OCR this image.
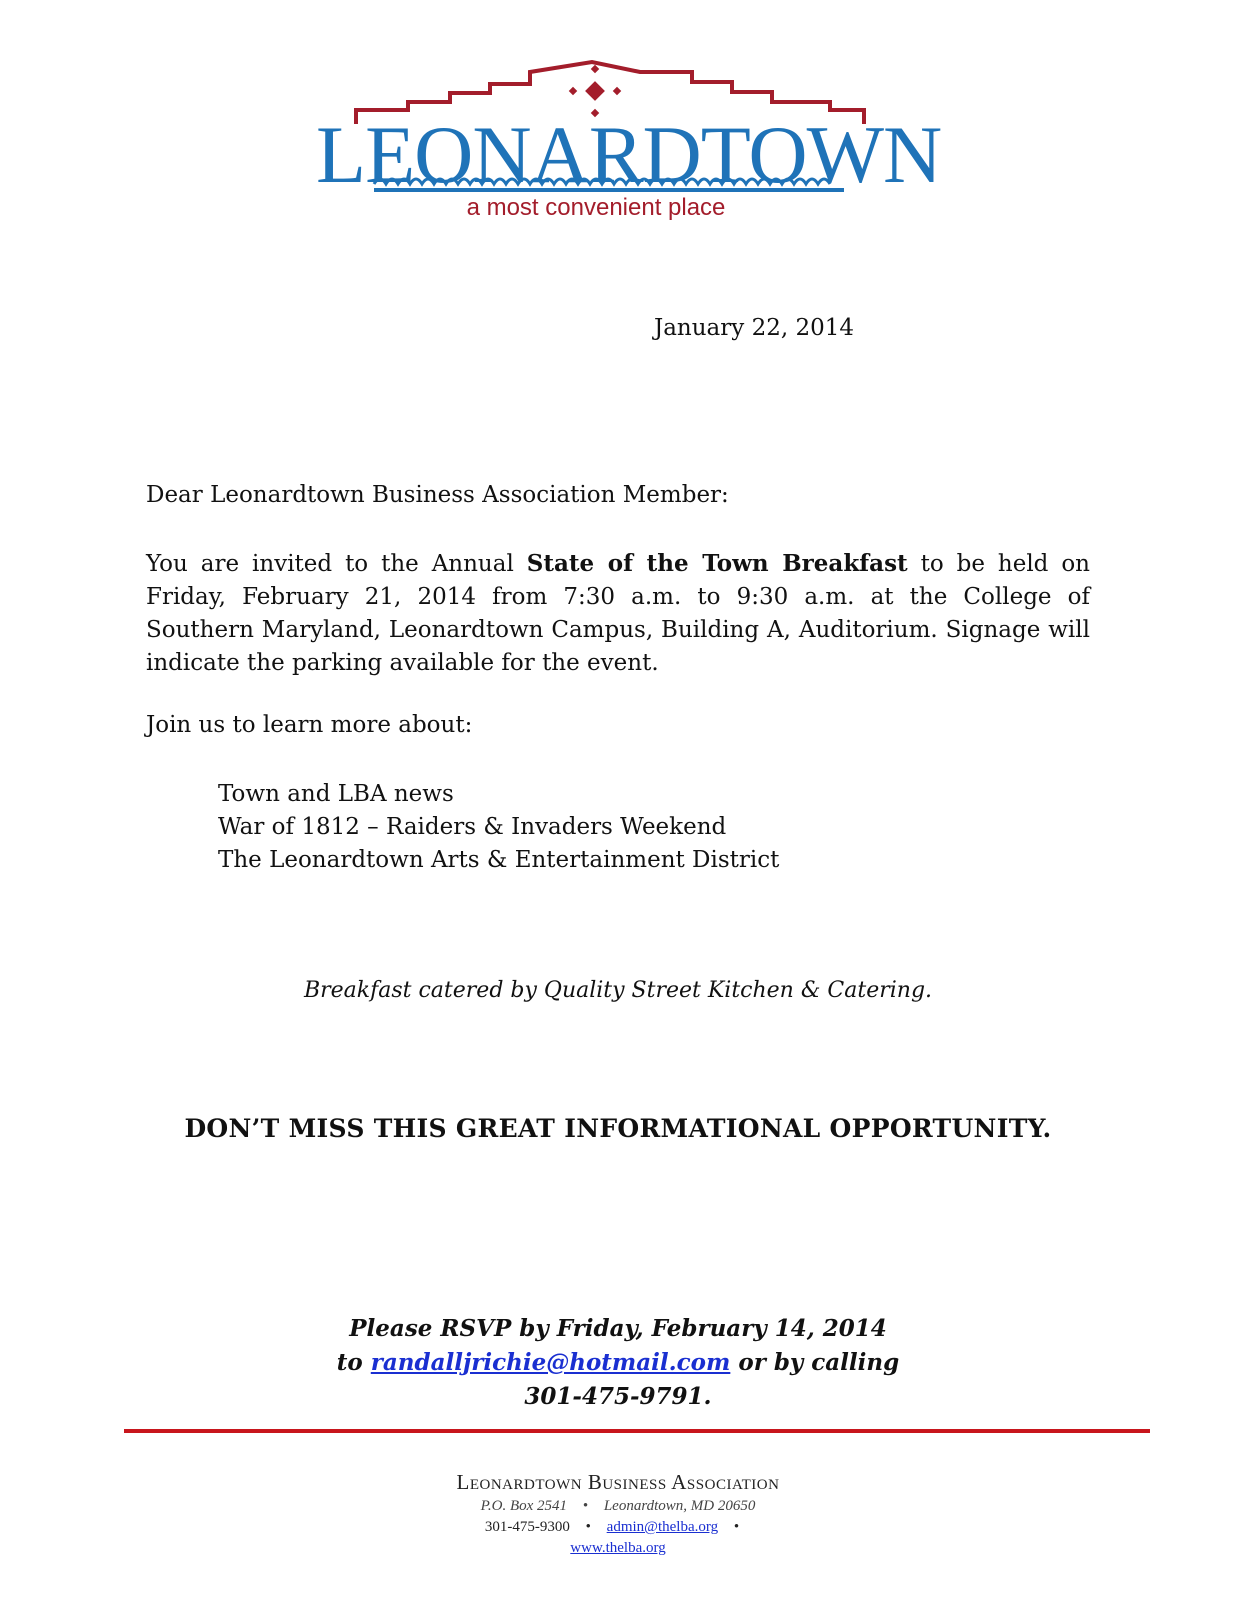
LEONARDTOWN
a most convenient place
January 22, 2014
Dear Leonardtown Business Association Member:
You are invited to the Annual State of the Town Breakfast to be held on Friday, February 21, 2014 from 7:30 a.m. to 9:30 a.m. at the College of Southern Maryland, Leonardtown Campus, Building A, Auditorium. Signage will indicate the parking available for the event.
Join us to learn more about:
Town and LBA news
War of 1812 – Raiders & Invaders Weekend
The Leonardtown Arts & Entertainment District
Breakfast catered by Quality Street Kitchen & Catering.
DON’T MISS THIS GREAT INFORMATIONAL OPPORTUNITY.
Please RSVP by Friday, February 14, 2014
to randalljrichie@hotmail.com or by calling
301-475-9791.
Leonardtown Business Association
P.O. Box 2541 • Leonardtown, MD 20650
301-475-9300 • admin@thelba.org •
www.thelba.org
